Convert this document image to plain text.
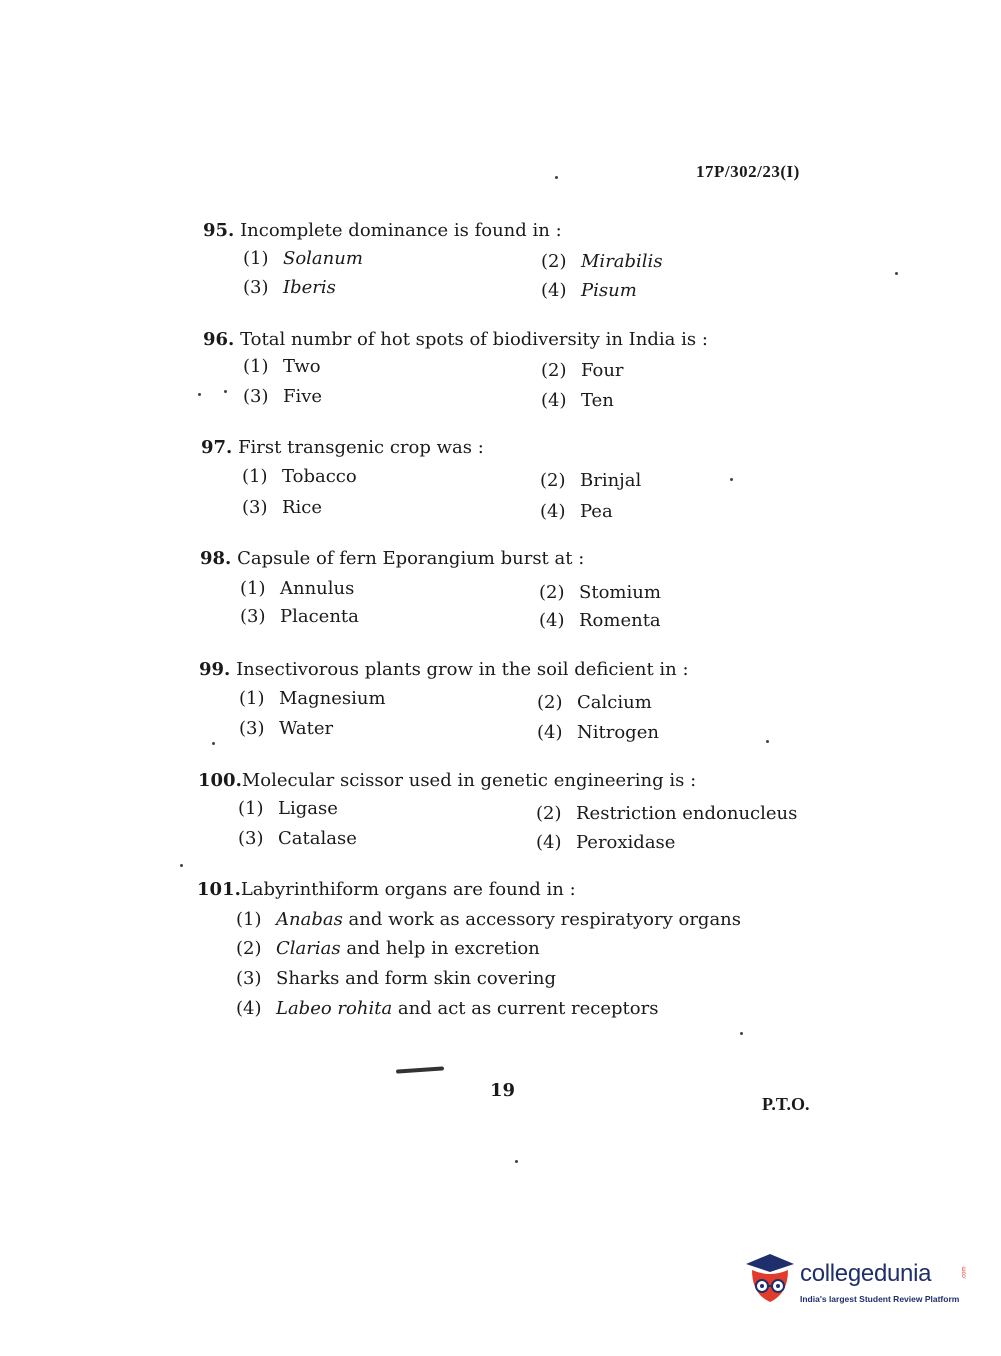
17P/302/23(I)
95. Incomplete dominance is found in :
(1) Solanum	(2) Mirabilis
(3) Iberis	(4) Pisum
96. Total numbr of hot spots of biodiversity in India is :
(1) Two	(2) Four
(3) Five	(4) Ten
97. First transgenic crop was :
(1) Tobacco	(2) Brinjal
(3) Rice	(4) Pea
98. Capsule of fern Eporangium burst at :
(1) Annulus	(2) Stomium
(3) Placenta	(4) Romenta
99. Insectivorous plants grow in the soil deficient in :
(1) Magnesium	(2) Calcium
(3) Water	(4) Nitrogen
100.Molecular scissor used in genetic engineering is :
(1) Ligase	(2) Restriction endonucleus
(3) Catalase	(4) Peroxidase
101.Labyrinthiform organs are found in :
(1) Anabas and work as accessory respiratyory organs
(2) Clarias and help in excretion
(3) Sharks and form skin covering
(4) Labeo rohita and act as current receptors
19
P.T.O.
collegedunia	.com
India's largest Student Review Platform
